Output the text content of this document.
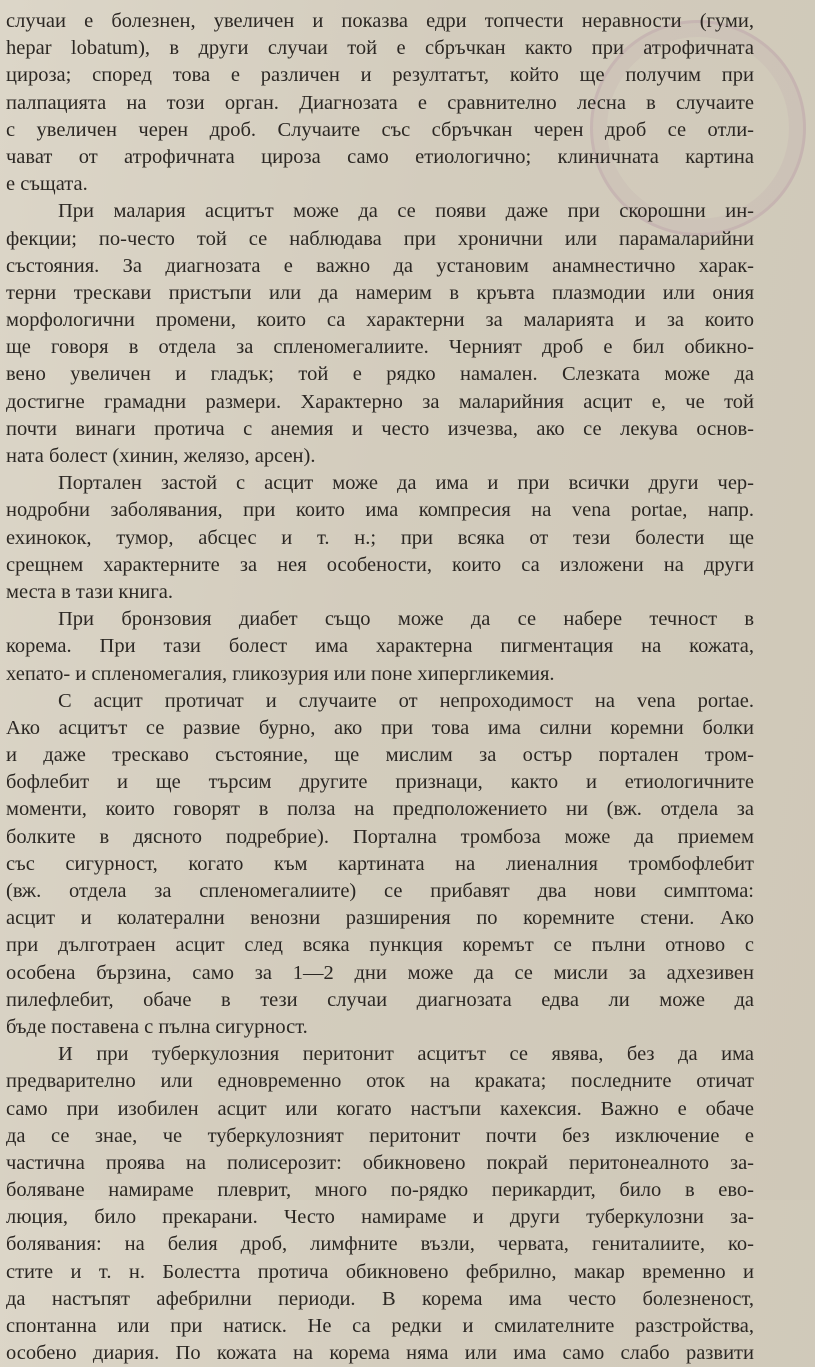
случаи е болезнен, увеличен и показва едри топчести неравности (гуми,
hepar lobatum), в други случаи той е сбръчкан както при атрофичната
цироза; според това е различен и резултатът, който ще получим при
палпацията на този орган. Диагнозата е сравнително лесна в случаите
с увеличен черен дроб. Случаите със сбръчкан черен дроб се отли-
чават от атрофичната цироза само етиологично; клиничната картина
е същата.
При малария асцитът може да се появи даже при скорошни ин-
фекции; по-често той се наблюдава при хронични или парамаларийни
състояния. За диагнозата е важно да установим анамнестично харак-
терни трескави пристъпи или да намерим в кръвта плазмодии или ония
морфологични промени, които са характерни за маларията и за които
ще говоря в отдела за спленомегалиите. Черният дроб е бил обикно-
вено увеличен и гладък; той е рядко намален. Слезката може да
достигне грамадни размери. Характерно за маларийния асцит е, че той
почти винаги протича с анемия и често изчезва, ако се лекува основ-
ната болест (хинин, желязо, арсен).
Портален застой с асцит може да има и при всички други чер-
нодробни заболявания, при които има компресия на vena portae, напр.
ехинокок, тумор, абсцес и т. н.; при всяка от тези болести ще
срещнем характерните за нея особености, които са изложени на други
места в тази книга.
При бронзовия диабет също може да се набере течност в
корема. При тази болест има характерна пигментация на кожата,
хепато- и спленомегалия, гликозурия или поне хипергликемия.
С асцит протичат и случаите от непроходимост на vena portae.
Ако асцитът се развие бурно, ако при това има силни коремни болки
и даже трескаво състояние, ще мислим за остър портален тром-
бофлебит и ще търсим другите признаци, както и етиологичните
моменти, които говорят в полза на предположението ни (вж. отдела за
болките в дясното подребрие). Портална тромбоза може да приемем
със сигурност, когато към картината на лиеналния тромбофлебит
(вж. отдела за спленомегалиите) се прибавят два нови симптома:
асцит и колатерални венозни разширения по коремните стени. Ако
при дълготраен асцит след всяка пункция коремът се пълни отново с
особена бързина, само за 1—2 дни може да се мисли за адхезивен
пилефлебит, обаче в тези случаи диагнозата едва ли може да
бъде поставена с пълна сигурност.
И при туберкулозния перитонит асцитът се явява, без да има
предварително или едновременно оток на краката; последните отичат
само при изобилен асцит или когато настъпи кахексия. Важно е обаче
да се знае, че туберкулозният перитонит почти без изключение е
частична проява на полисерозит: обикновено покрай перитонеалното за-
боляване намираме плеврит, много по-рядко перикардит, било в ево-
люция, било прекарани. Често намираме и други туберкулозни за-
болявания: на белия дроб, лимфните възли, червата, гениталиите, ко-
стите и т. н. Болестта протича обикновено фебрилно, макар временно и
да настъпят афебрилни периоди. В корема има често болезненост,
спонтанна или при натиск. Не са редки и смилателните разстройства,
особено диария. По кожата на корема няма или има само слабо развити
